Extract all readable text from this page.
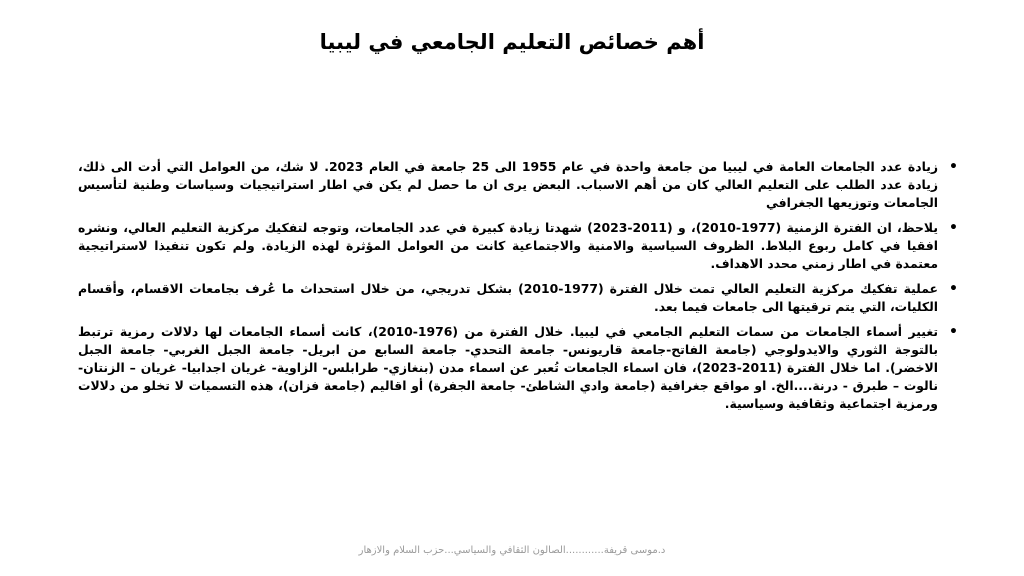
أهم خصائص التعليم الجامعي في ليبيا
•
زيادة عدد الجامعات العامة في ليبيا من جامعة واحدة في عام 1955 الى 25 جامعة في العام 2023. لا شك، من العوامل التي أدت الى ذلك، زيادة عدد الطلب على التعليم العالي كان من أهم الاسباب. البعض يرى ان ما حصل لم يكن في اطار استراتيجيات وسياسات وطنية لتأسيس الجامعات وتوزيعها الجغرافي
•
يلاحظ، ان الفترة الزمنية (1977-2010)، و (2011-2023) شهدتا زيادة كبيرة في عدد الجامعات، وتوجه لتفكيك مركزية التعليم العالي، ونشره افقيا في كامل ربوع البلاط. الظروف السياسية والامنية والاجتماعية كانت من العوامل المؤثرة لهذه الزيادة. ولم تكون تنفيذا لاستراتيجية معتمدة في اطار زمني محدد الاهداف.
•
عملية تفكيك مركزية التعليم العالي تمت خلال الفترة (1977-2010) بشكل تدريجي، من خلال استحداث ما عُرف بجامعات الاقسام، وأقسام الكليات، التي يتم ترقيتها الى جامعات فيما بعد.
•
تغيير أسماء الجامعات من سمات التعليم الجامعي في ليبيا. خلال الفترة من (1976-2010)، كانت أسماء الجامعات لها دلالات رمزية ترتبط بالتوجة الثوري والايدولوجي (جامعة الفاتح-جامعة قاريونس- جامعة التحدي- جامعة السابع من ابريل- جامعة الجبل الغربي- جامعة الجبل الاخضر). اما خلال الفترة (2011-2023)، فان اسماء الجامعات تُعبر عن اسماء مدن (بنغازي- طرابلس- الزاوية- غريان اجدابيا- غريان – الزنتان- نالوت – طبرق - درنة....الخ. او مواقع جغرافية (جامعة وادي الشاطئ- جامعة الجفرة) أو اقاليم (جامعة فزان)، هذه التسميات لا تخلو من دلالات ورمزية اجتماعية وثقافية وسياسية.
د.موسى قريفة............الصالون الثقافي والسياسي...حزب السلام والازهار
